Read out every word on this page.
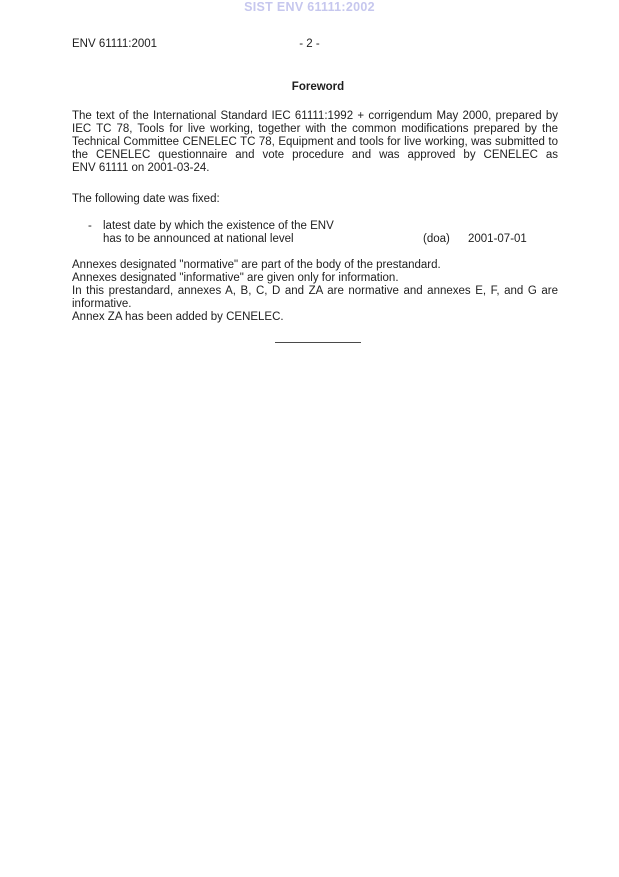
SIST ENV 61111:2002
ENV 61111:2001	- 2 -
Foreword
The text of the International Standard IEC 61111:1992 + corrigendum May 2000, prepared by
IEC TC 78, Tools for live working, together with the common modifications prepared by the
Technical Committee CENELEC TC 78, Equipment and tools for live working, was submitted to
the CENELEC questionnaire and vote procedure and was approved by CENELEC as
ENV 61111 on 2001-03-24.
The following date was fixed:
- latest date by which the existence of the ENV
has to be announced at national level	(doa) 2001-07-01
Annexes designated "normative" are part of the body of the prestandard.
Annexes designated "informative" are given only for information.
In this prestandard, annexes A, B, C, D and ZA are normative and annexes E, F, and G are
informative.
Annex ZA has been added by CENELEC.
